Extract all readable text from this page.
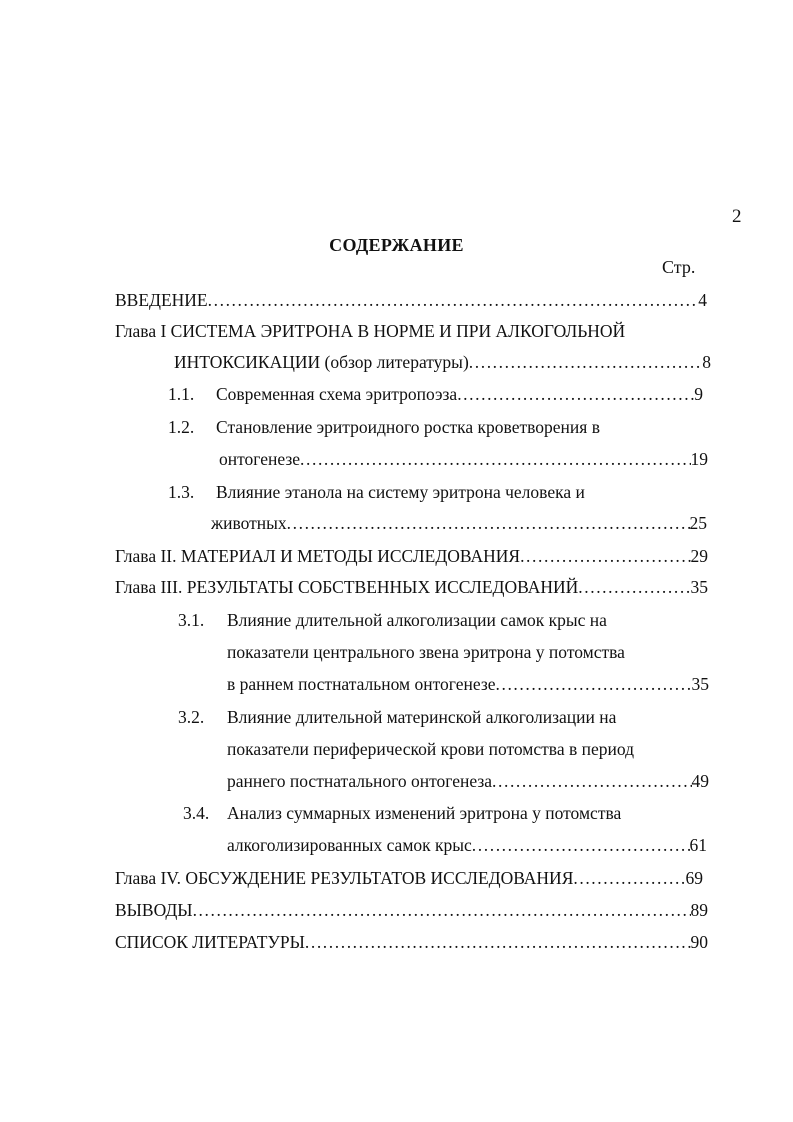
2
СОДЕРЖАНИЕ
Стр.
ВВЕДЕНИЕ .....	4
Глава I СИСТЕМА ЭРИТРОНА В НОРМЕ И ПРИ АЛКОГОЛЬНОЙ
ИНТОКСИКАЦИИ (обзор литературы) .....	8
1.1. Современная схема эритропоэза .....	9
1.2. Становление эритроидного ростка кроветворения в
онтогенезе .....	19
1.3. Влияние этанола на систему эритрона человека и
животных .....	25
Глава II. МАТЕРИАЛ И МЕТОДЫ ИССЛЕДОВАНИЯ .....	29
Глава III. РЕЗУЛЬТАТЫ СОБСТВЕННЫХ ИССЛЕДОВАНИЙ .....	35
3.1. Влияние длительной алкоголизации самок крыс на
показатели центрального звена эритрона у потомства
в раннем постнатальном онтогенезе .....	35
3.2. Влияние длительной материнской алкоголизации на
показатели периферической крови потомства в период
раннего постнатального онтогенеза .....	49
3.4. Анализ суммарных изменений эритрона у потомства
алкоголизированных самок крыс .....	61
Глава IV. ОБСУЖДЕНИЕ РЕЗУЛЬТАТОВ ИССЛЕДОВАНИЯ .....	69
ВЫВОДЫ .....	89
СПИСОК ЛИТЕРАТУРЫ .....	90
